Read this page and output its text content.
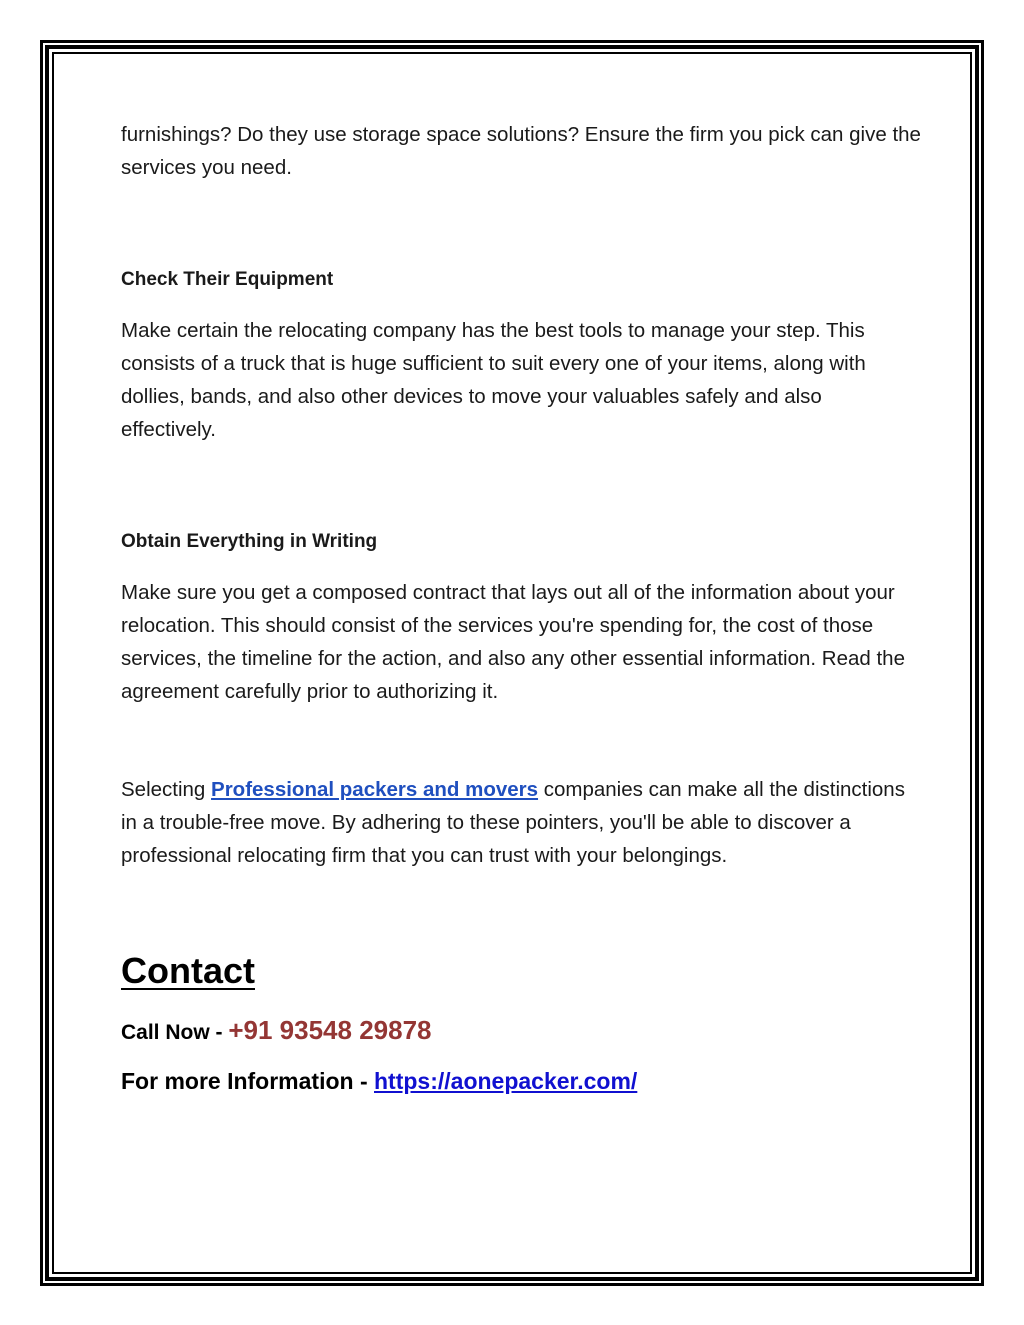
furnishings? Do they use storage space solutions? Ensure the firm you pick can give the services you need.

Check Their Equipment

Make certain the relocating company has the best tools to manage your step. This consists of a truck that is huge sufficient to suit every one of your items, along with dollies, bands, and also other devices to move your valuables safely and also effectively.

Obtain Everything in Writing

Make sure you get a composed contract that lays out all of the information about your relocation. This should consist of the services you're spending for, the cost of those services, the timeline for the action, and also any other essential information. Read the agreement carefully prior to authorizing it.

Selecting Professional packers and movers companies can make all the distinctions in a trouble-free move. By adhering to these pointers, you'll be able to discover a professional relocating firm that you can trust with your belongings.

Contact

Call Now - +91 93548 29878

For more Information - https://aonepacker.com/
